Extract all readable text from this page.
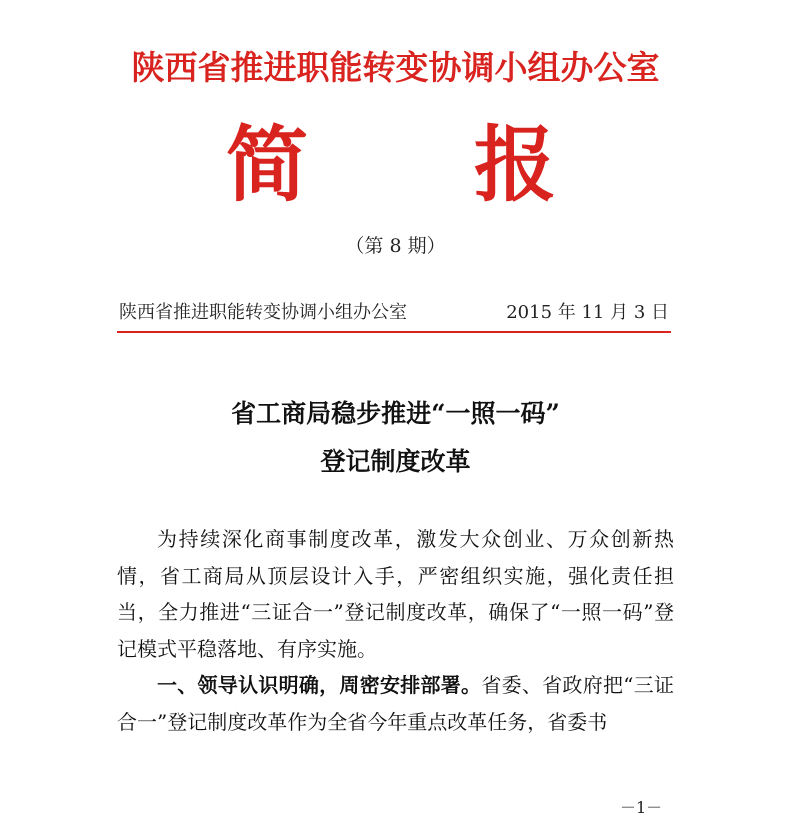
陕西省推进职能转变协调小组办公室
简 报
（第 8 期）
陕西省推进职能转变协调小组办公室	2015 年 11 月 3 日
省工商局稳步推进“一照一码”
登记制度改革

为持续深化商事制度改革，激发大众创业、万众创新热情，省工商局从顶层设计入手，严密组织实施，强化责任担当，全力推进“三证合一”登记制度改革，确保了“一照一码”登记模式平稳落地、有序实施。

一、领导认识明确，周密安排部署。省委、省政府把“三证合一”登记制度改革作为全省今年重点改革任务，省委书

－1－
